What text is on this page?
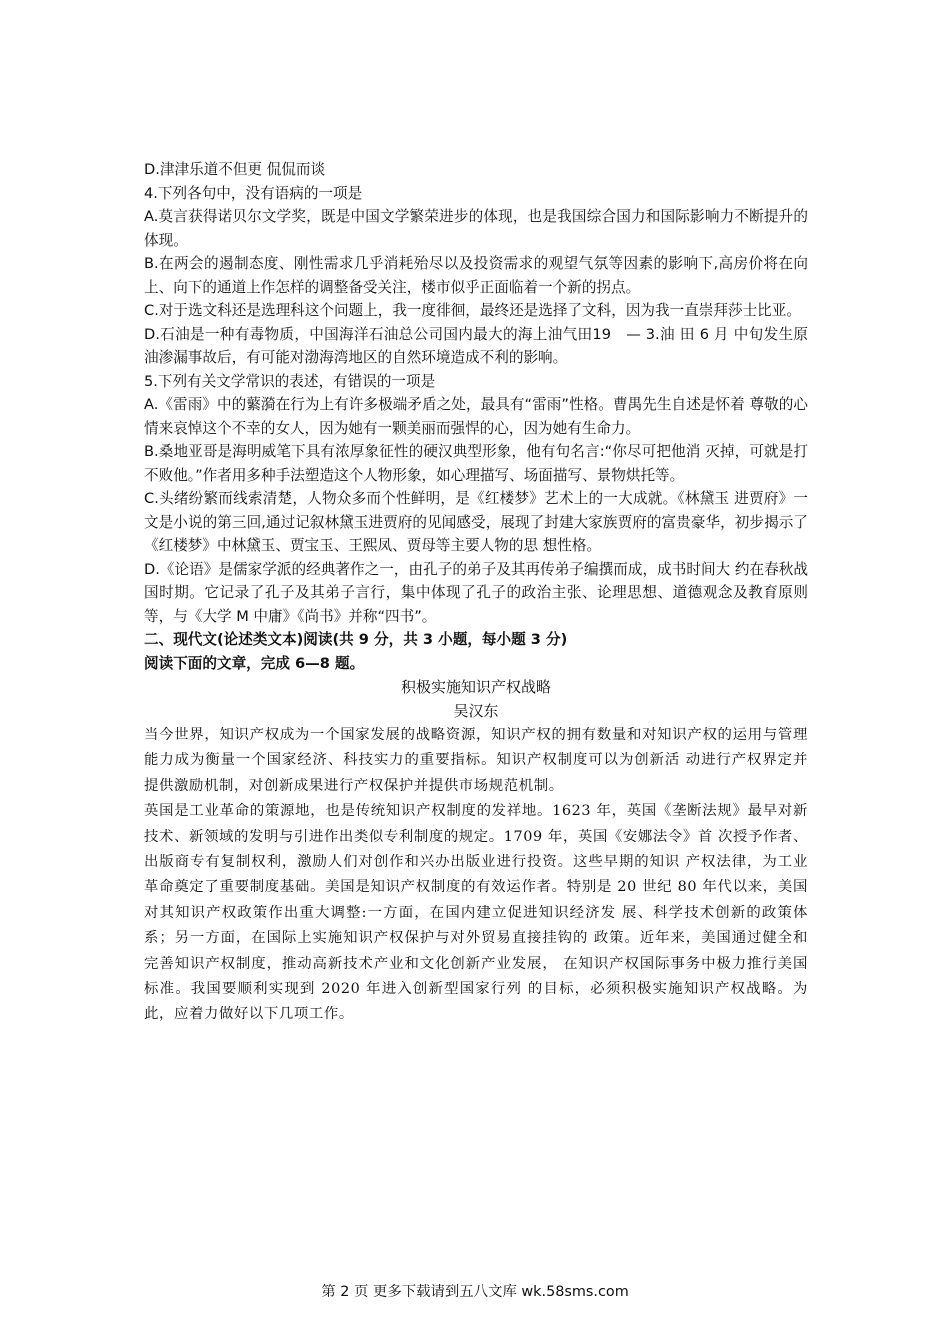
D.津津乐道不但更 侃侃而谈

4.下列各句中，没有语病的一项是

A.莫言获得诺贝尔文学奖，既是中国文学繁荣进步的体现，也是我国综合国力和国际影响力不断提升的体现。

B.在两会的遏制态度、刚性需求几乎消耗殆尽以及投资需求的观望气氛等因素的影响下,高房价将在向上、向下的通道上作怎样的调整备受关注，楼市似乎正面临着一个新的拐点。

C.对于选文科还是选理科这个问题上，我一度徘徊，最终还是选择了文科，因为我一直崇拜莎士比亚。

D.石油是一种有毒物质，中国海洋石油总公司国内最大的海上油气田19　— 3.油 田 6 月 中旬发生原油渗漏事故后，有可能对渤海湾地区的自然环境造成不利的影响。

5.下列有关文学常识的表述，有错误的一项是

A.《雷雨》中的蘩漪在行为上有许多极端矛盾之处，最具有“雷雨”性格。曹禺先生自述是怀着 尊敬的心情来哀悼这个不幸的女人，因为她有一颗美丽而强悍的心，因为她有生命力。

B.桑地亚哥是海明威笔下具有浓厚象征性的硬汉典型形象，他有句名言:“你尽可把他消 灭掉，可就是打不败他。”作者用多种手法塑造这个人物形象，如心理描写、场面描写、景物烘托等。

C.头绪纷繁而线索清楚，人物众多而个性鲜明，是《红楼梦》艺术上的一大成就。《林黛玉 进贾府》一文是小说的第三回,通过记叙林黛玉进贾府的见闻感受，展现了封建大家族贾府的富贵豪华，初步揭示了《红楼梦》中林黛玉、贾宝玉、王熙凤、贾母等主要人物的思 想性格。

D.《论语》是儒家学派的经典著作之一，由孔子的弟子及其再传弟子编撰而成，成书时间大 约在春秋战国时期。它记录了孔子及其弟子言行，集中体现了孔子的政治主张、论理思想、道德观念及教育原则等，与《大学 M 中庸》《尚书》并称“四书”。

二、现代文(论述类文本)阅读(共 9 分，共 3 小题，每小题 3 分)

阅读下面的文章，完成 6—8 题。

积极实施知识产权战略

吴汉东

当今世界，知识产权成为一个国家发展的战略资源，知识产权的拥有数量和对知识产权的运用与管理能力成为衡量一个国家经济、科技实力的重要指标。知识产权制度可以为创新活 动进行产权界定并提供激励机制，对创新成果进行产权保护并提供市场规范机制。

英国是工业革命的策源地，也是传统知识产权制度的发祥地。1623 年，英国《垄断法规》最早对新技术、新领域的发明与引进作出类似专利制度的规定。1709 年，英国《安娜法令》首 次授予作者、出版商专有复制权利，激励人们对创作和兴办出版业进行投资。这些早期的知识 产权法律，为工业革命奠定了重要制度基础。美国是知识产权制度的有效运作者。特别是 20 世纪 80 年代以来，美国对其知识产权政策作出重大调整:一方面，在国内建立促进知识经济发 展、科学技术创新的政策体系；另一方面，在国际上实施知识产权保护与对外贸易直接挂钩的 政策。近年来，美国通过健全和完善知识产权制度，推动高新技术产业和文化创新产业发展， 在知识产权国际事务中极力推行美国标准。我国要顺利实现到 2020 年进入创新型国家行列 的目标，必须积极实施知识产权战略。为此，应着力做好以下几项工作。

第 2 页 更多下载请到五八文库 wk.58sms.com
